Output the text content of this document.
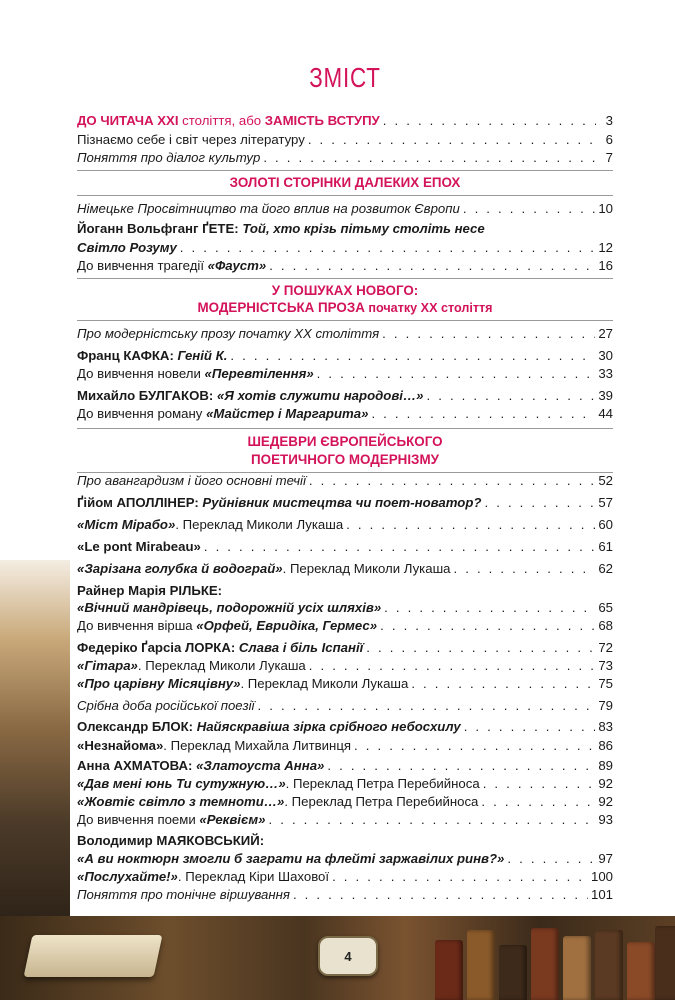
4
ЗМІСТ
ДО ЧИТАЧА ХХІ століття, або ЗАМІСТЬ ВСТУПУ . . .	3
Пізнаємо себе і світ через літературу . . .	6
Поняття про діалог культур . . .	7
ЗОЛОТІ СТОРІНКИ ДАЛЕКИХ ЕПОХ
Німецьке Просвітництво та його вплив на розвиток Європи . . .	10
Йоганн Вольфганг ҐЕТЕ: Той, хто крізь пітьму століть несе
Світло Розуму . . .	12
До вивчення трагедії «Фауст» . . .	16
У ПОШУКАХ НОВОГО:
МОДЕРНІСТСЬКА ПРОЗА початку ХХ століття
Про модерністську прозу початку ХХ століття . . .	27
Франц КАФКА: Геній К. . . .	30
До вивчення новели «Перевтілення» . . .	33
Михайло БУЛГАКОВ: «Я хотів служити народові…» . . .	39
До вивчення роману «Майстер і Маргарита» . . .	44
ШЕДЕВРИ ЄВРОПЕЙСЬКОГО
ПОЕТИЧНОГО МОДЕРНІЗМУ
Про авангардизм і його основні течії . . .	52
Ґійом АПОЛЛІНЕР: Руйнівник мистецтва чи поет-новатор? . . .	57
«Міст Мірабо». Переклад Миколи Лукаша . . .	60
«Le pont Mirabeau» . . .	61
«Зарізана голубка й водограй». Переклад Миколи Лукаша . . .	62
Райнер Марія РІЛЬКЕ:
«Вічний мандрівець, подорожній усіх шляхів» . . .	65
До вивчення вірша «Орфей, Евридіка, Гермес» . . .	68
Федеріко Ґарсіа ЛОРКА: Слава і біль Іспанії . . .	72
«Гітара». Переклад Миколи Лукаша . . .	73
«Про царівну Місяцівну». Переклад Миколи Лукаша . . .	75
Срібна доба російської поезії . . .	79
Олександр БЛОК: Найяскравіша зірка срібного небосхилу . . .	83
«Незнайома». Переклад Михайла Литвинця . . .	86
Анна АХМАТОВА: «Златоуста Анна» . . .	89
«Дав мені юнь Ти сутужную…». Переклад Петра Перебийноса . . .	92
«Жовтіє світло з темноти…». Переклад Петра Перебийноса . . .	92
До вивчення поеми «Реквієм» . . .	93
Володимир МАЯКОВСЬКИЙ:
«А ви ноктюрн змогли б заграти на флейті заржавілих ринв?» . . .	97
«Послухайте!». Переклад Кіри Шахової . . .	100
Поняття про тонічне віршування . . .	101
